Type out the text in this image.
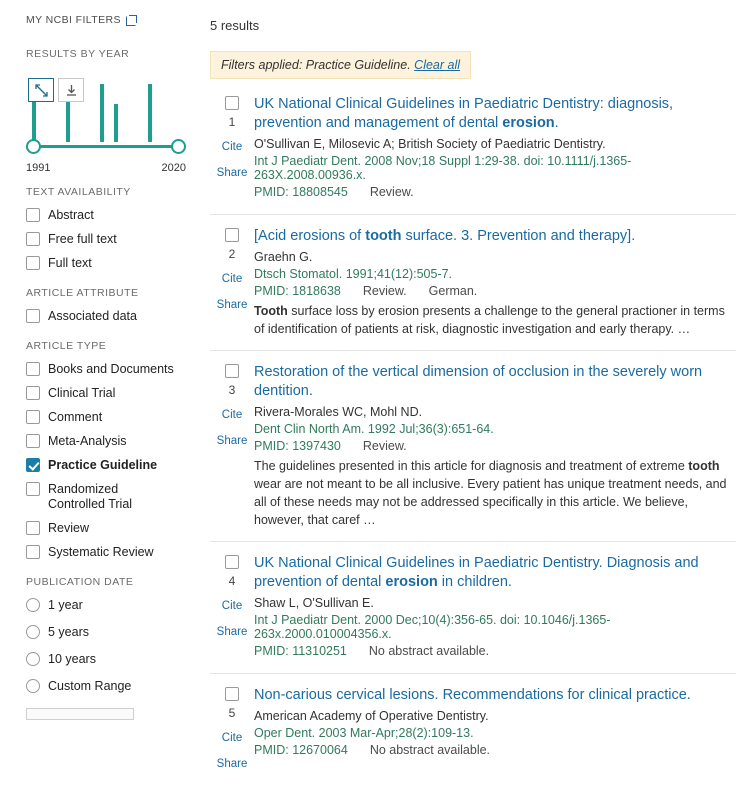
MY NCBI FILTERS
RESULTS BY YEAR
1991	2020
TEXT AVAILABILITY
Abstract
Free full text
Full text
ARTICLE ATTRIBUTE
Associated data
ARTICLE TYPE
Books and Documents
Clinical Trial
Comment
Meta-Analysis
Practice Guideline
Randomized Controlled Trial
Review
Systematic Review
PUBLICATION DATE
1 year
5 years
10 years
Custom Range
5 results
Filters applied: Practice Guideline. Clear all
1
Cite
Share
UK National Clinical Guidelines in Paediatric Dentistry: diagnosis, prevention and management of dental erosion.
O'Sullivan E, Milosevic A; British Society of Paediatric Dentistry.
Int J Paediatr Dent. 2008 Nov;18 Suppl 1:29-38. doi: 10.1111/j.1365-263X.2008.00936.x.
PMID: 18808545 Review.
2
Cite
Share
[Acid erosions of tooth surface. 3. Prevention and therapy].
Graehn G.
Dtsch Stomatol. 1991;41(12):505-7.
PMID: 1818638 Review. German.
Tooth surface loss by erosion presents a challenge to the general practioner in terms of identification of patients at risk, diagnostic investigation and early therapy. …
3
Cite
Share
Restoration of the vertical dimension of occlusion in the severely worn dentition.
Rivera-Morales WC, Mohl ND.
Dent Clin North Am. 1992 Jul;36(3):651-64.
PMID: 1397430 Review.
The guidelines presented in this article for diagnosis and treatment of extreme tooth wear are not meant to be all inclusive. Every patient has unique treatment needs, and all of these needs may not be addressed specifically in this article. We believe, however, that caref …
4
Cite
Share
UK National Clinical Guidelines in Paediatric Dentistry. Diagnosis and prevention of dental erosion in children.
Shaw L, O'Sullivan E.
Int J Paediatr Dent. 2000 Dec;10(4):356-65. doi: 10.1046/j.1365-263x.2000.010004356.x.
PMID: 11310251 No abstract available.
5
Cite
Share
Non-carious cervical lesions. Recommendations for clinical practice.
American Academy of Operative Dentistry.
Oper Dent. 2003 Mar-Apr;28(2):109-13.
PMID: 12670064 No abstract available.
